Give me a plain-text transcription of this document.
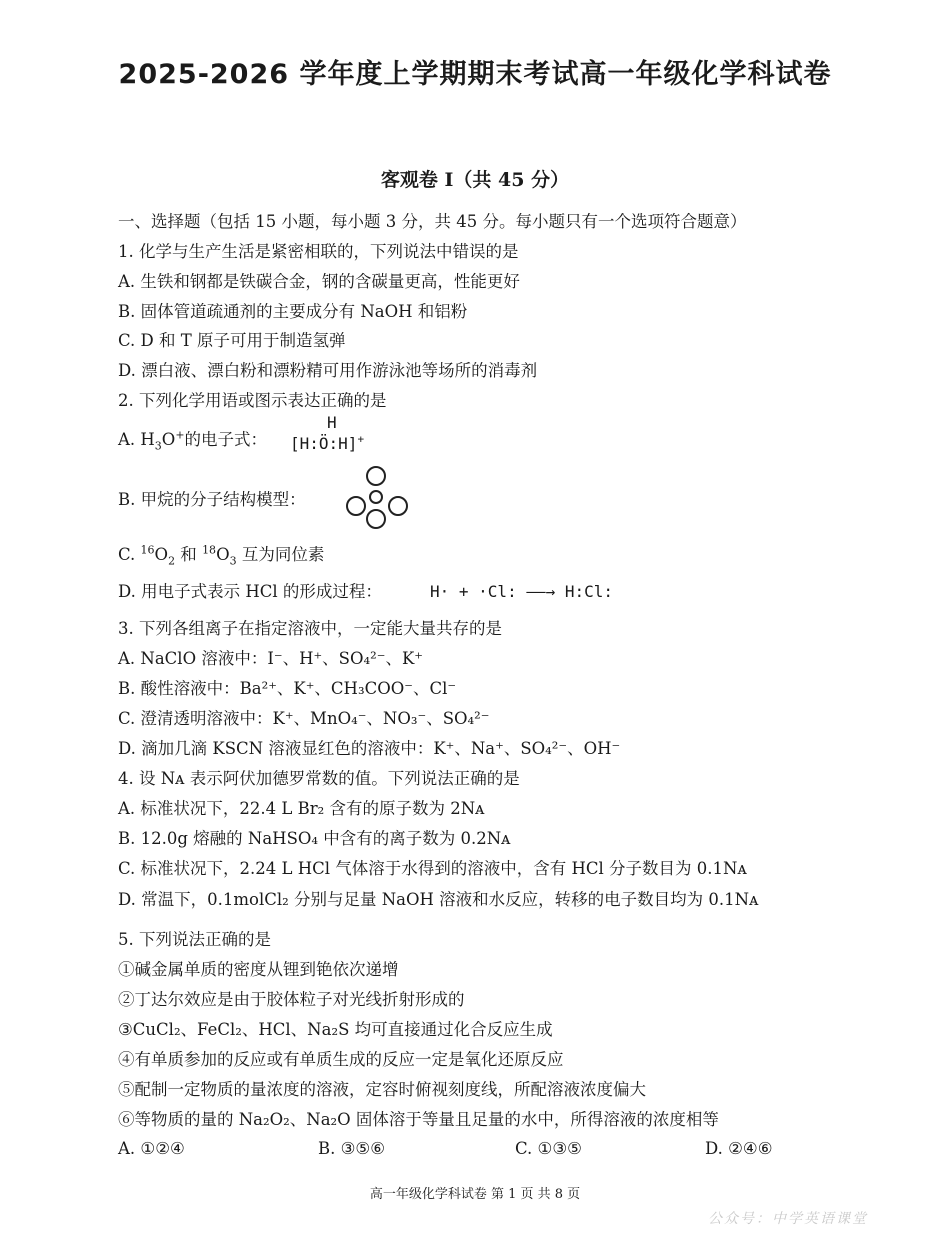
2025-2026 学年度上学期期末考试高一年级化学科试卷
客观卷 I（共 45 分）
一、选择题（包括 15 小题，每小题 3 分，共 45 分。每小题只有一个选项符合题意）
1. 化学与生产生活是紧密相联的，下列说法中错误的是
A. 生铁和钢都是铁碳合金，钢的含碳量更高，性能更好
B. 固体管道疏通剂的主要成分有 NaOH 和铝粉
C. D 和 T 原子可用于制造氢弹
D. 漂白液、漂白粉和漂粉精可用作游泳池等场所的消毒剂
2. 下列化学用语或图示表达正确的是
A. $H_3O^+$的电子式：
H
[H:Ö:H]+
B. 甲烷的分子结构模型：
C. $^{16}O_2$ 和 $^{18}O_3$ 互为同位素
D. 用电子式表示 HCl 的形成过程：	H· + ·Cl: ——→ H:Cl:
3. 下列各组离子在指定溶液中，一定能大量共存的是
A. NaClO 溶液中：I⁻、H⁺、SO₄²⁻、K⁺
B. 酸性溶液中：Ba²⁺、K⁺、CH₃COO⁻、Cl⁻
C. 澄清透明溶液中：K⁺、MnO₄⁻、NO₃⁻、SO₄²⁻
D. 滴加几滴 KSCN 溶液显红色的溶液中：K⁺、Na⁺、SO₄²⁻、OH⁻
4. 设 Nᴀ 表示阿伏加德罗常数的值。下列说法正确的是
A. 标准状况下，22.4 L Br₂ 含有的原子数为 2Nᴀ
B. 12.0g 熔融的 NaHSO₄ 中含有的离子数为 0.2Nᴀ
C. 标准状况下，2.24 L HCl 气体溶于水得到的溶液中，含有 HCl 分子数目为 0.1Nᴀ
D. 常温下，0.1molCl₂ 分别与足量 NaOH 溶液和水反应，转移的电子数目均为 0.1Nᴀ
5. 下列说法正确的是
①碱金属单质的密度从锂到铯依次递增
②丁达尔效应是由于胶体粒子对光线折射形成的
③CuCl₂、FeCl₂、HCl、Na₂S 均可直接通过化合反应生成
④有单质参加的反应或有单质生成的反应一定是氧化还原反应
⑤配制一定物质的量浓度的溶液，定容时俯视刻度线，所配溶液浓度偏大
⑥等物质的量的 Na₂O₂、Na₂O 固体溶于等量且足量的水中，所得溶液的浓度相等
A. ①②④	B. ③⑤⑥	C. ①③⑤	D. ②④⑥
高一年级化学科试卷 第 1 页 共 8 页
公众号：中学英语课堂
